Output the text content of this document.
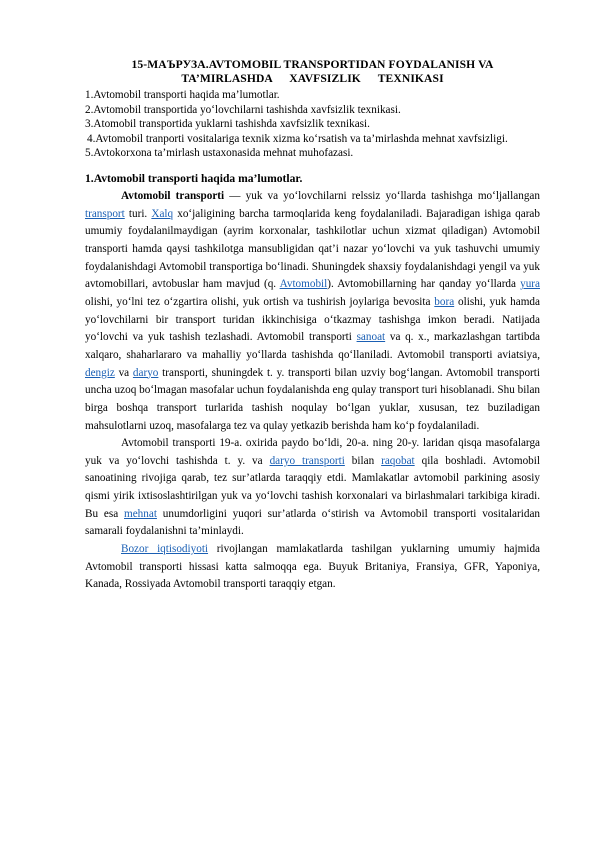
15-МАЪРУЗА.AVTOMOBIL TRANSPORTIDAN FOYDALANISH VA
TA’MIRLASHDA XAVFSIZLIK TEXNIKASI
1.Avtomobil transporti haqida ma’lumotlar.
2.Avtomobil transportida yo‘lovchilarni tashishda xavfsizlik texnikasi.
3.Atomobil transportida yuklarni tashishda xavfsizlik texnikasi.
4.Avtomobil tranporti vositalariga texnik xizma ko‘rsatish va ta’mirlashda mehnat xavfsizligi.
5.Avtokorxona ta’mirlash ustaxonasida mehnat muhofazasi.
1.Avtomobil transporti haqida ma’lumotlar.

Avtomobil transporti — yuk va yo‘lovchilarni relssiz yo‘llarda tashishga mo‘ljallangan transport turi. Xalq xo‘jaligining barcha tarmoqlarida keng foydalaniladi. Bajaradigan ishiga qarab umumiy foydalanilmaydigan (ayrim korxonalar, tashkilotlar uchun xizmat qiladigan) Avtomobil transporti hamda qaysi tashkilotga mansubligidan qat’i nazar yo‘lovchi va yuk tashuvchi umumiy foydalanishdagi Avtomobil transportiga bo‘linadi. Shuningdek shaxsiy foydalanishdagi yengil va yuk avtomobillari, avtobuslar ham mavjud (q. Avtomobil). Avtomobillarning har qanday yo‘llarda yura olishi, yo‘lni tez o‘zgartira olishi, yuk ortish va tushirish joylariga bevosita bora olishi, yuk hamda yo‘lovchilarni bir transport turidan ikkinchisiga o‘tkazmay tashishga imkon beradi. Natijada yo‘lovchi va yuk tashish tezlashadi. Avtomobil transporti sanoat va q. x., markazlashgan tartibda xalqaro, shaharlararo va mahalliy yo‘llarda tashishda qo‘llaniladi. Avtomobil transporti aviatsiya, dengiz va daryo transporti, shuningdek t. y. transporti bilan uzviy bog‘langan. Avtomobil transporti uncha uzoq bo‘lmagan masofalar uchun foydalanishda eng qulay transport turi hisoblanadi. Shu bilan birga boshqa transport turlarida tashish noqulay bo‘lgan yuklar, xususan, tez buziladigan mahsulotlarni uzoq, masofalarga tez va qulay yetkazib berishda ham ko‘p foydalaniladi.

Avtomobil transporti 19-a. oxirida paydo bo‘ldi, 20-a. ning 20-y. laridan qisqa masofalarga yuk va yo‘lovchi tashishda t. y. va daryo transporti bilan raqobat qila boshladi. Avtomobil sanoatining rivojiga qarab, tez sur’atlarda taraqqiy etdi. Mamlakatlar avtomobil parkining asosiy qismi yirik ixtisoslashtirilgan yuk va yo‘lovchi tashish korxonalari va birlashmalari tarkibiga kiradi. Bu esa mehnat unumdorligini yuqori sur’atlarda o‘stirish va Avtomobil transporti vositalaridan samarali foydalanishni ta’minlaydi.

Bozor iqtisodiyoti rivojlangan mamlakatlarda tashilgan yuklarning umumiy hajmida Avtomobil transporti hissasi katta salmoqqa ega. Buyuk Britaniya, Fransiya, GFR, Yaponiya, Kanada, Rossiyada Avtomobil transporti taraqqiy etgan.
